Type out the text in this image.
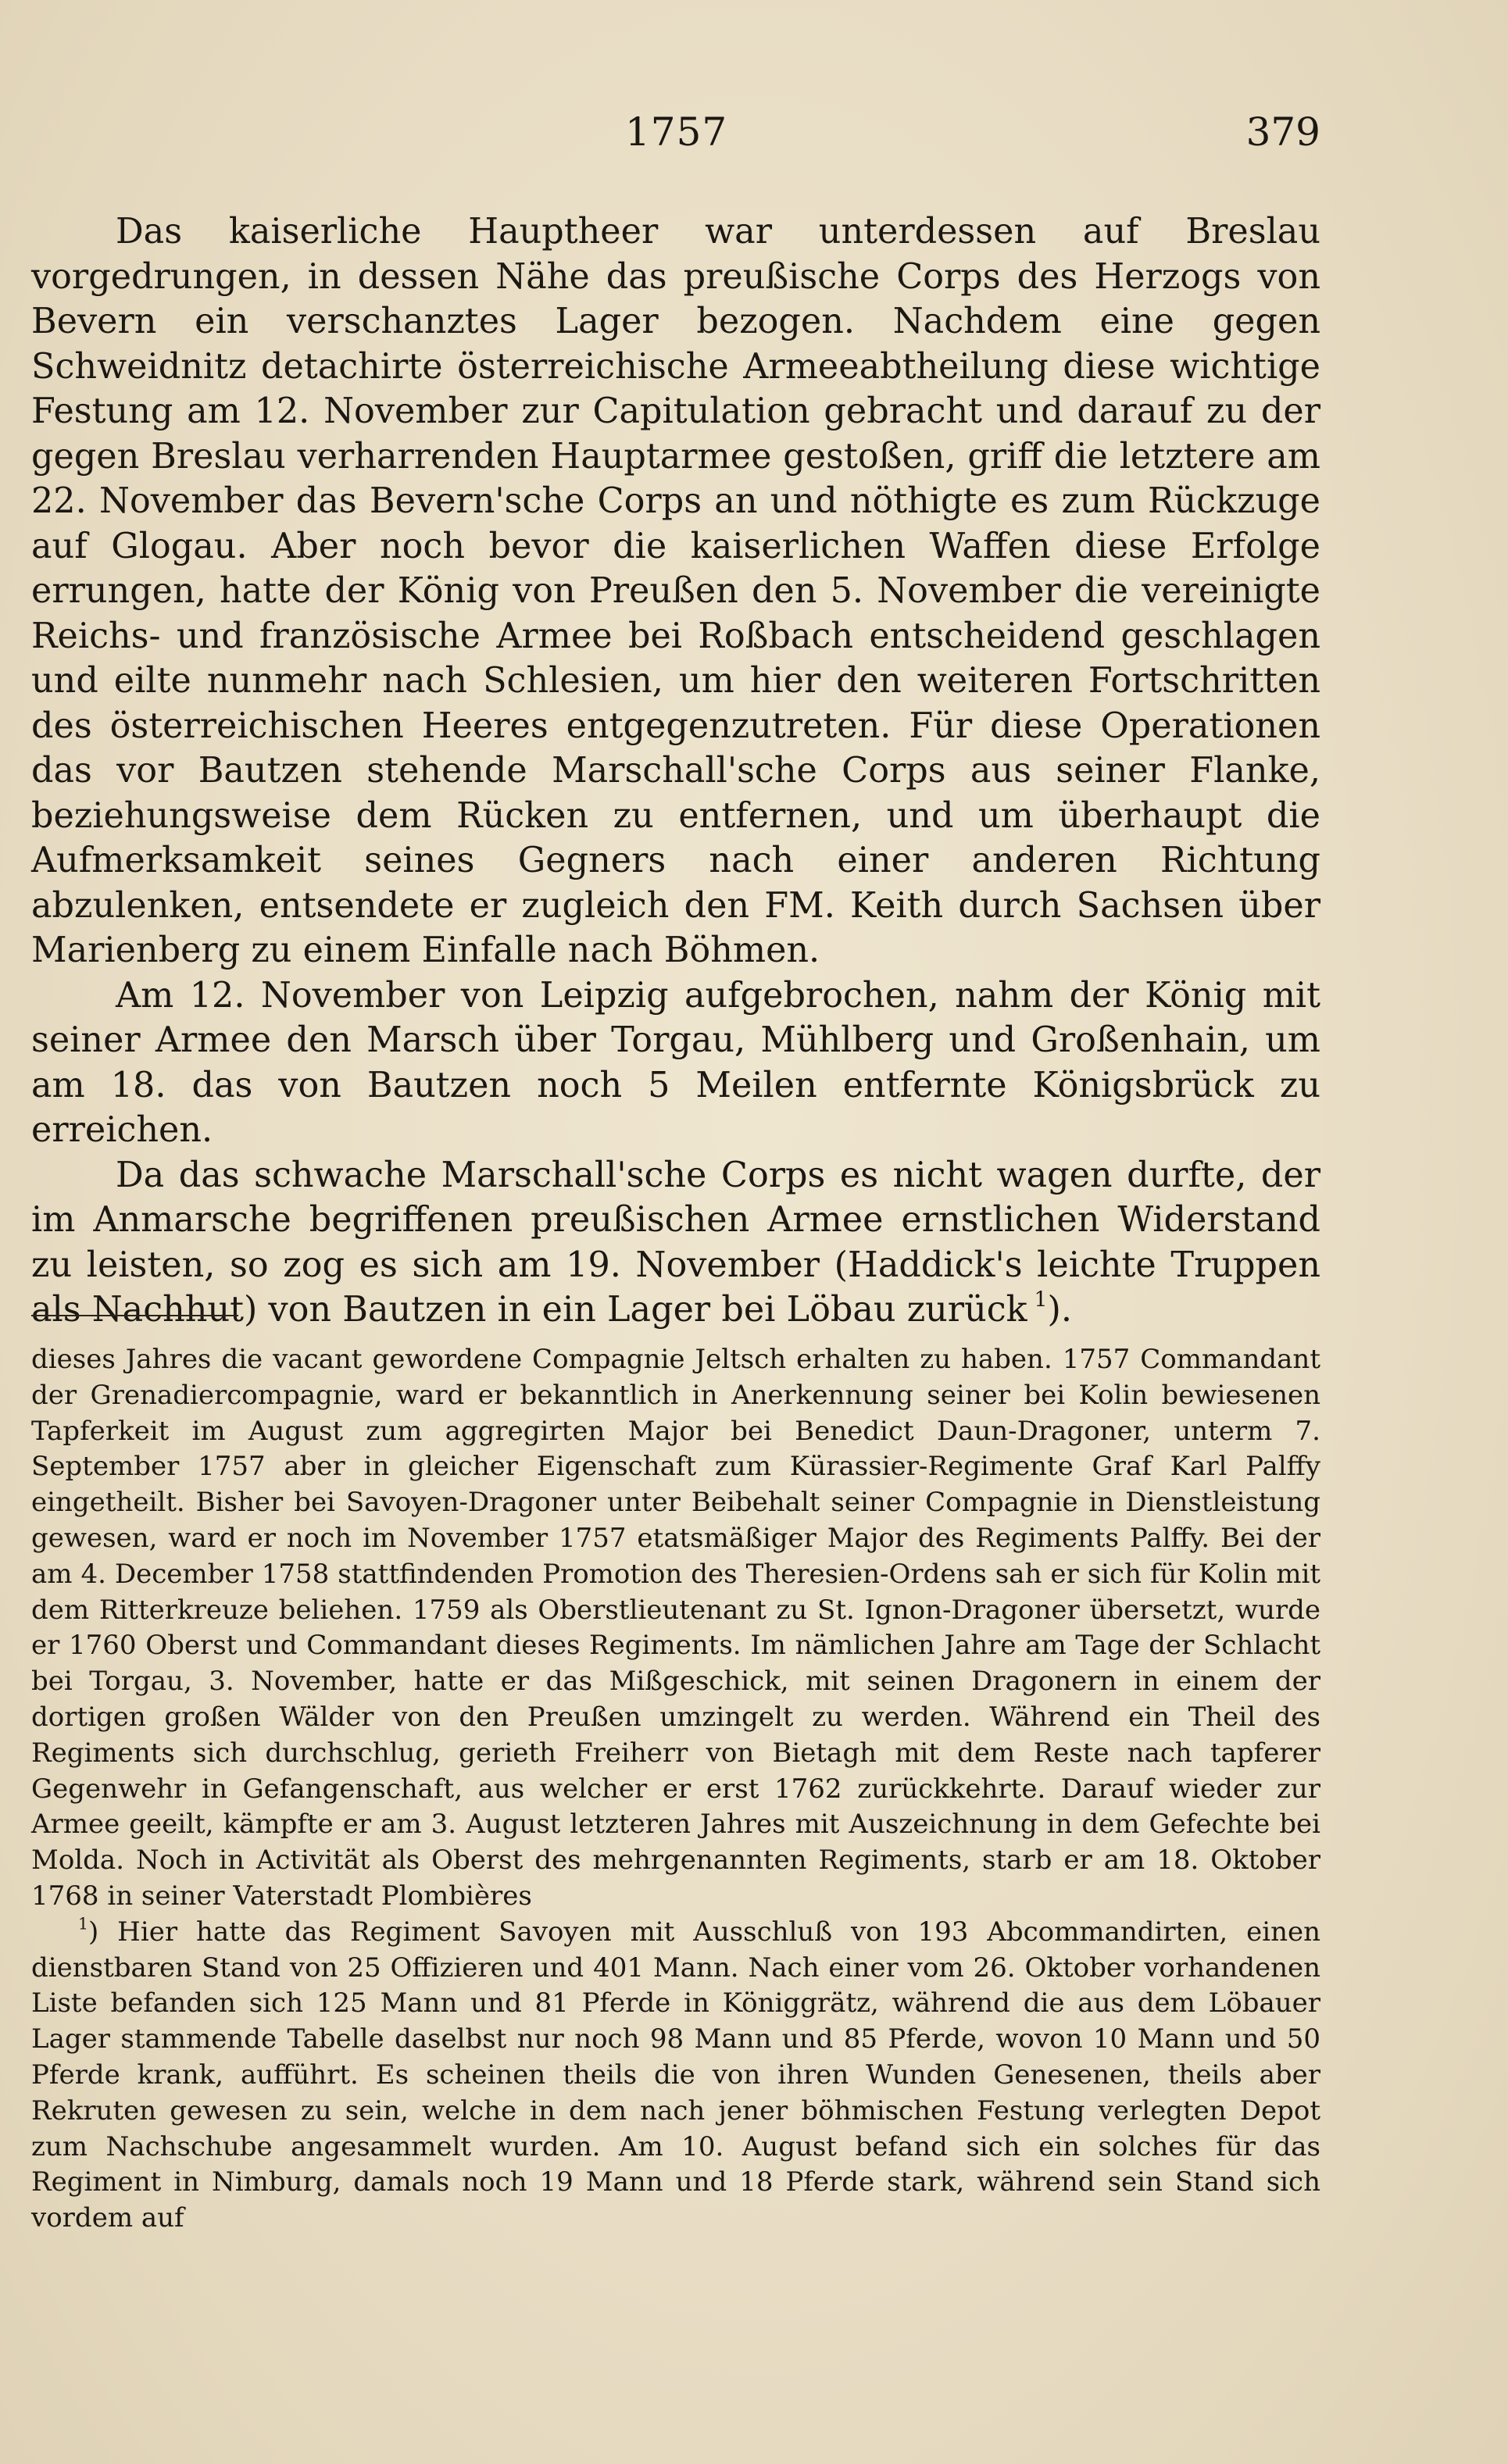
1757	379

Das kaiserliche Hauptheer war unterdessen auf Breslau vorgedrungen, in dessen Nähe das preußische Corps des Herzogs von Bevern ein verschanztes Lager bezogen. Nachdem eine gegen Schweidnitz detachirte österreichische Armeeabtheilung diese wichtige Festung am 12. November zur Capitulation gebracht und darauf zu der gegen Breslau verharrenden Hauptarmee gestoßen, griff die letztere am 22. November das Bevern'sche Corps an und nöthigte es zum Rückzuge auf Glogau. Aber noch bevor die kaiserlichen Waffen diese Erfolge errungen, hatte der König von Preußen den 5. November die vereinigte Reichs- und französische Armee bei Roßbach entscheidend geschlagen und eilte nunmehr nach Schlesien, um hier den weiteren Fortschritten des österreichischen Heeres entgegenzutreten. Für diese Operationen das vor Bautzen stehende Marschall'sche Corps aus seiner Flanke, beziehungsweise dem Rücken zu entfernen, und um überhaupt die Aufmerksamkeit seines Gegners nach einer anderen Richtung abzulenken, entsendete er zugleich den FM. Keith durch Sachsen über Marienberg zu einem Einfalle nach Böhmen.

Am 12. November von Leipzig aufgebrochen, nahm der König mit seiner Armee den Marsch über Torgau, Mühlberg und Großenhain, um am 18. das von Bautzen noch 5 Meilen entfernte Königsbrück zu erreichen.

Da das schwache Marschall'sche Corps es nicht wagen durfte, der im Anmarsche begriffenen preußischen Armee ernstlichen Widerstand zu leisten, so zog es sich am 19. November (Haddick's leichte Truppen als Nachhut) von Bautzen in ein Lager bei Löbau zurück  $^1$).

dieses Jahres die vacant gewordene Compagnie Jeltsch erhalten zu haben. 1757 Commandant der Grenadiercompagnie, ward er bekanntlich in Anerkennung seiner bei Kolin bewiesenen Tapferkeit im August zum aggregirten Major bei Benedict Daun-Dragoner, unterm 7. September 1757 aber in gleicher Eigenschaft zum Kürassier-Regimente Graf Karl Palffy eingetheilt. Bisher bei Savoyen-Dragoner unter Beibehalt seiner Compagnie in Dienstleistung gewesen, ward er noch im November 1757 etatsmäßiger Major des Regiments Palffy. Bei der am 4. December 1758 stattfindenden Promotion des Theresien-Ordens sah er sich für Kolin mit dem Ritterkreuze beliehen. 1759 als Oberstlieutenant zu St. Ignon-Dragoner übersetzt, wurde er 1760 Oberst und Commandant dieses Regiments. Im nämlichen Jahre am Tage der Schlacht bei Torgau, 3. November, hatte er das Mißgeschick, mit seinen Dragonern in einem der dortigen großen Wälder von den Preußen umzingelt zu werden. Während ein Theil des Regiments sich durchschlug, gerieth Freiherr von Bietagh mit dem Reste nach tapferer Gegenwehr in Gefangenschaft, aus welcher er erst 1762 zurückkehrte. Darauf wieder zur Armee geeilt, kämpfte er am 3. August letzteren Jahres mit Auszeichnung in dem Gefechte bei Molda. Noch in Activität als Oberst des mehrgenannten Regiments, starb er am 18. Oktober 1768 in seiner Vaterstadt Plombières

$^1$) Hier hatte das Regiment Savoyen mit Ausschluß von 193 Abcommandirten, einen dienstbaren Stand von 25 Offizieren und 401 Mann. Nach einer vom 26. Oktober vorhandenen Liste befanden sich 125 Mann und 81 Pferde in Königgrätz, während die aus dem Löbauer Lager stammende Tabelle daselbst nur noch 98 Mann und 85 Pferde, wovon 10 Mann und 50 Pferde krank, aufführt. Es scheinen theils die von ihren Wunden Genesenen, theils aber Rekruten gewesen zu sein, welche in dem nach jener böhmischen Festung verlegten Depot zum Nachschube angesammelt wurden. Am 10. August befand sich ein solches für das Regiment in Nimburg, damals noch 19 Mann und 18 Pferde stark, während sein Stand sich vordem auf
